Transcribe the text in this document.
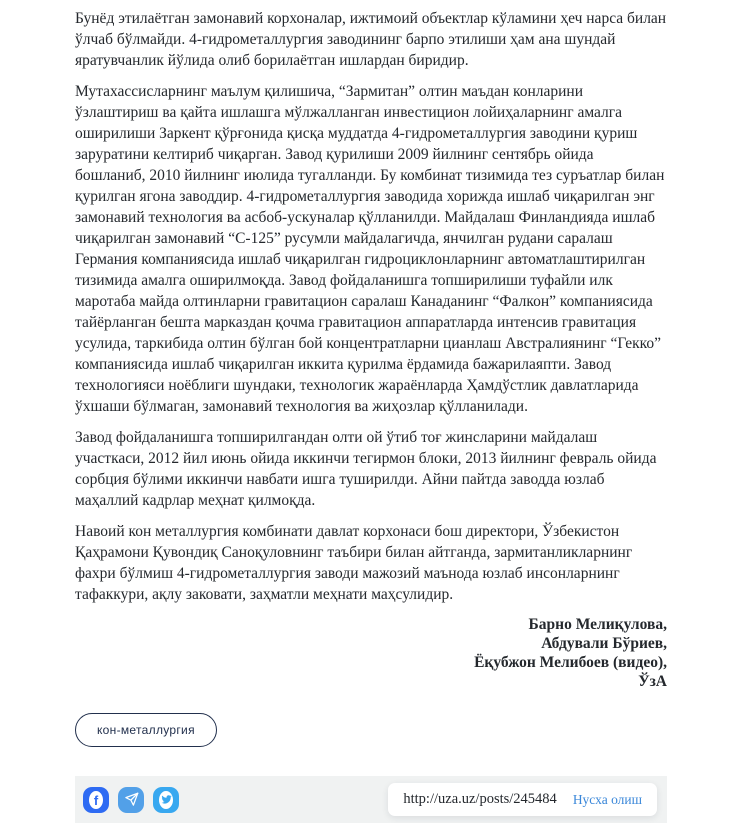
Бунёд этилаётган замонавий корхоналар, ижтимоий объектлар кўламини ҳеч нарса билан ўлчаб бўлмайди. 4-гидрометаллургия заводининг барпо этилиши ҳам ана шундай яратувчанлик йўлида олиб борилаётган ишлардан биридир.

Мутахассисларнинг маълум қилишича, “Зармитан” олтин маъдан конларини ўзлаштириш ва қайта ишлашга мўлжалланган инвестицион лойиҳаларнинг амалга оширилиши Заркент қўрғонида қисқа муддатда 4-гидрометаллургия заводини қуриш заруратини келтириб чиқарган. Завод қурилиши 2009 йилнинг сентябрь ойида бошланиб, 2010 йилнинг июлида тугалланди. Бу комбинат тизимида тез суръатлар билан қурилган ягона заводдир. 4-гидрометаллургия заводида хорижда ишлаб чиқарилган энг замонавий технология ва асбоб-ускуналар қўлланилди. Майдалаш Финландияда ишлаб чиқарилган замонавий “С-125” русумли майдалагичда, янчилган рудани саралаш Германия компаниясида ишлаб чиқарилган гидроциклонларнинг автоматлаштирилган тизимида амалга оширилмоқда. Завод фойдаланишга топширилиши туфайли илк маротаба майда олтинларни гравитацион саралаш Канаданинг “Фалкон” компаниясида тайёрланган бешта марказдан қочма гравитацион аппаратларда интенсив гравитация усулида, таркибида олтин бўлган бой концентратларни цианлаш Австралиянинг “Гекко” компаниясида ишлаб чиқарилган иккита қурилма ёрдамида бажарилаяпти. Завод технологияси ноёблиги шундаки, технологик жараёнларда Ҳамдўстлик давлатларида ўхшаши бўлмаган, замонавий технология ва жиҳозлар қўлланилади.

Завод фойдаланишга топширилгандан олти ой ўтиб тоғ жинсларини майдалаш участкаси, 2012 йил июнь ойида иккинчи тегирмон блоки, 2013 йилнинг февраль ойида сорбция бўлими иккинчи навбати ишга туширилди. Айни пайтда заводда юзлаб маҳаллий кадрлар меҳнат қилмоқда.

Навоий кон металлургия комбинати давлат корхонаси бош директори, Ўзбекистон Қаҳрамони Қувондиқ Саноқуловнинг таъбири билан айтганда, зармитанликларнинг фахри бўлмиш 4-гидрометаллургия заводи мажозий маънода юзлаб инсонларнинг тафаккури, ақлу заковати, заҳматли меҳнати маҳсулидир.

Барно Мелиқулова,
Абдували Бўриев,
Ёқубжон Мелибоев (видео),
ЎзА
кон-металлургия
f	http://uza.uz/posts/245484 Нусха олиш
